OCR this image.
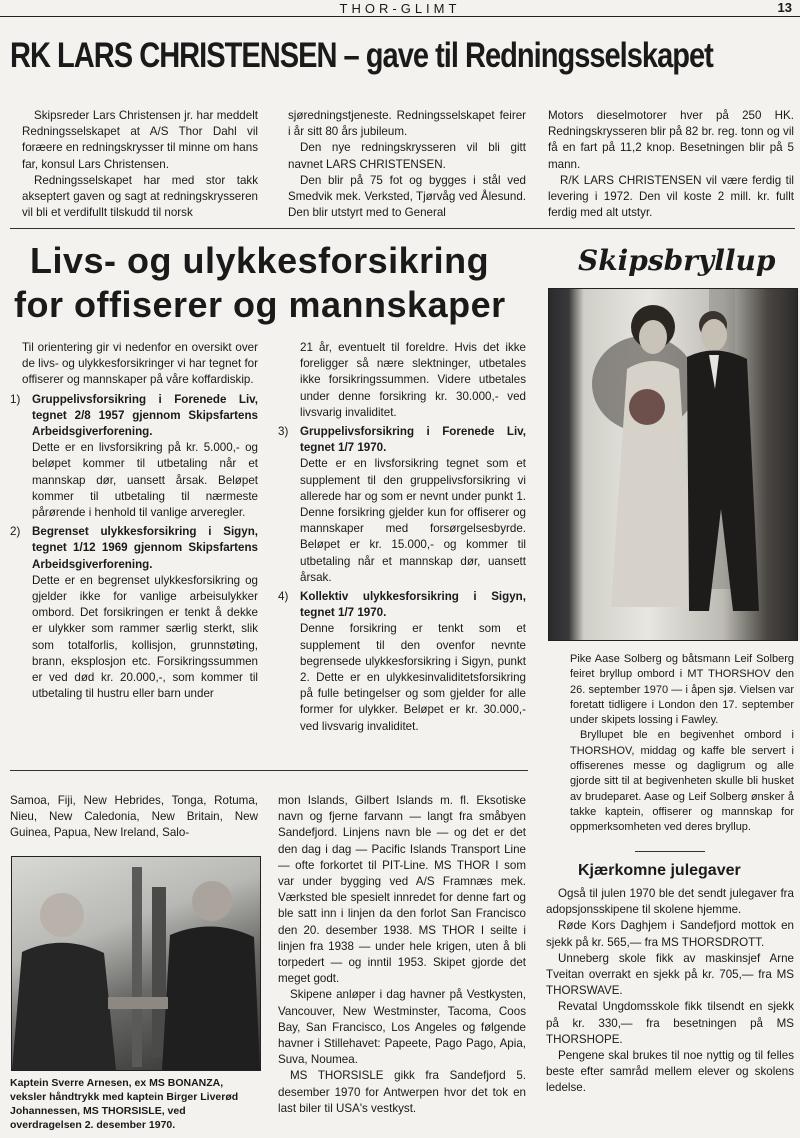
THOR-GLIMT	13
RK LARS CHRISTENSEN – gave til Redningsselskapet

Skipsreder Lars Christensen jr. har meddelt Redningsselskapet at A/S Thor Dahl vil foræere en redningskrysser til minne om hans far, konsul Lars Christensen.

Redningsselskapet har med stor takk akseptert gaven og sagt at redningskrysseren vil bli et verdifullt tilskudd til norsk

sjøredningstjeneste. Redningsselskapet feirer i år sitt 80 års jubileum.

Den nye redningskrysseren vil bli gitt navnet LARS CHRISTENSEN.

Den blir på 75 fot og bygges i stål ved Smedvik mek. Verksted, Tjørvåg ved Ålesund. Den blir utstyrt med to General

Motors dieselmotorer hver på 250 HK. Redningskrysseren blir på 82 br. reg. tonn og vil få en fart på 11,2 knop. Besetningen blir på 5 mann.

R/K LARS CHRISTENSEN vil være ferdig til levering i 1972. Den vil koste 2 mill. kr. fullt ferdig med alt utstyr.

Livs- og ulykkesforsikring
for offiserer og mannskaper

Til orientering gir vi nedenfor en oversikt over de livs- og ulykkesforsikringer vi har tegnet for offiserer og mannskaper på våre koffardiskip.

1)	Gruppelivsforsikring i Forenede Liv, tegnet 2/8 1957 gjennom Skipsfartens Arbeidsgiverforening.

Dette er en livsforsikring på kr. 5.000,- og beløpet kommer til utbetaling når et mannskap dør, uansett årsak. Beløpet kommer til utbetaling til nærmeste pårørende i henhold til vanlige arveregler.

2)	Begrenset ulykkesforsikring i Sigyn, tegnet 1/12 1969 gjennom Skipsfartens Arbeidsgiverforening.

Dette er en begrenset ulykkesforsikring og gjelder ikke for vanlige arbeisulykker ombord. Det forsikringen er tenkt å dekke er ulykker som rammer særlig sterkt, slik som totalforlis, kollisjon, grunnstøting, brann, eksplosjon etc. Forsikringssummen er ved død kr. 20.000,-, som kommer til utbetaling til hustru eller barn under

21 år, eventuelt til foreldre. Hvis det ikke foreligger så nære slektninger, utbetales ikke forsikringssummen. Videre utbetales under denne forsikring kr. 30.000,- ved livsvarig invaliditet.

3)	Gruppelivsforsikring i Forenede Liv, tegnet 1/7 1970.

Dette er en livsforsikring tegnet som et supplement til den gruppelivsforsikring vi allerede har og som er nevnt under punkt 1. Denne forsikring gjelder kun for offiserer og mannskaper med forsørgelsesbyrde. Beløpet er kr. 15.000,- og kommer til utbetaling når et mannskap dør, uansett årsak.

4)	Kollektiv ulykkesforsikring i Sigyn, tegnet 1/7 1970.

Denne forsikring er tenkt som et supplement til den ovenfor nevnte begrensede ulykkesforsikring i Sigyn, punkt 2. Dette er en ulykkesinvaliditetsforsikring på fulle betingelser og som gjelder for alle former for ulykker. Beløpet er kr. 30.000,- ved livsvarig invaliditet.

Skipsbryllup

Pike Aase Solberg og båtsmann Leif Solberg feiret bryllup ombord i MT THORSHOV den 26. september 1970 — i åpen sjø. Vielsen var foretatt tidligere i London den 17. september under skipets lossing i Fawley.

Bryllupet ble en begivenhet ombord i THORSHOV, middag og kaffe ble servert i offiserenes messe og dagligrum og alle gjorde sitt til at begivenheten skulle bli husket av brudeparet. Aase og Leif Solberg ønsker å takke kaptein, offiserer og mannskap for oppmerksomheten ved deres bryllup.

Samoa, Fiji, New Hebrides, Tonga, Rotuma, Nieu, New Caledonia, New Britain, New Guinea, Papua, New Ireland, Salo-
Kaptein Sverre Arnesen, ex MS BONANZA, veksler håndtrykk med kaptein Birger Liverød Johannessen, MS THORSISLE, ved overdragelsen 2. desember 1970.

mon Islands, Gilbert Islands m. fl. Eksotiske navn og fjerne farvann — langt fra småbyen Sandefjord. Linjens navn ble — og det er det den dag i dag — Pacific Islands Transport Line — ofte forkortet til PIT-Line. MS THOR I som var under bygging ved A/S Framnæs mek. Værksted ble spesielt innredet for denne fart og ble satt inn i linjen da den forlot San Francisco den 20. desember 1938. MS THOR I seilte i linjen fra 1938 — under hele krigen, uten å bli torpedert — og inntil 1953. Skipet gjorde det meget godt.

Skipene anløper i dag havner på Vestkysten, Vancouver, New Westminster, Tacoma, Coos Bay, San Francisco, Los Angeles og følgende havner i Stillehavet: Papeete, Pago Pago, Apia, Suva, Noumea.

MS THORSISLE gikk fra Sandefjord 5. desember 1970 for Antwerpen hvor det tok en last biler til USA's vestkyst.

Kjærkomne julegaver

Også til julen 1970 ble det sendt julegaver fra adopsjonsskipene til skolene hjemme.

Røde Kors Daghjem i Sandefjord mottok en sjekk på kr. 565,— fra MS THORSDROTT.

Unneberg skole fikk av maskinsjef Arne Tveitan overrakt en sjekk på kr. 705,— fra MS THORSWAVE.

Revatal Ungdomsskole fikk tilsendt en sjekk på kr. 330,— fra besetningen på MS THORSHOPE.

Pengene skal brukes til noe nyttig og til felles beste efter samråd mellem elever og skolens ledelse.
